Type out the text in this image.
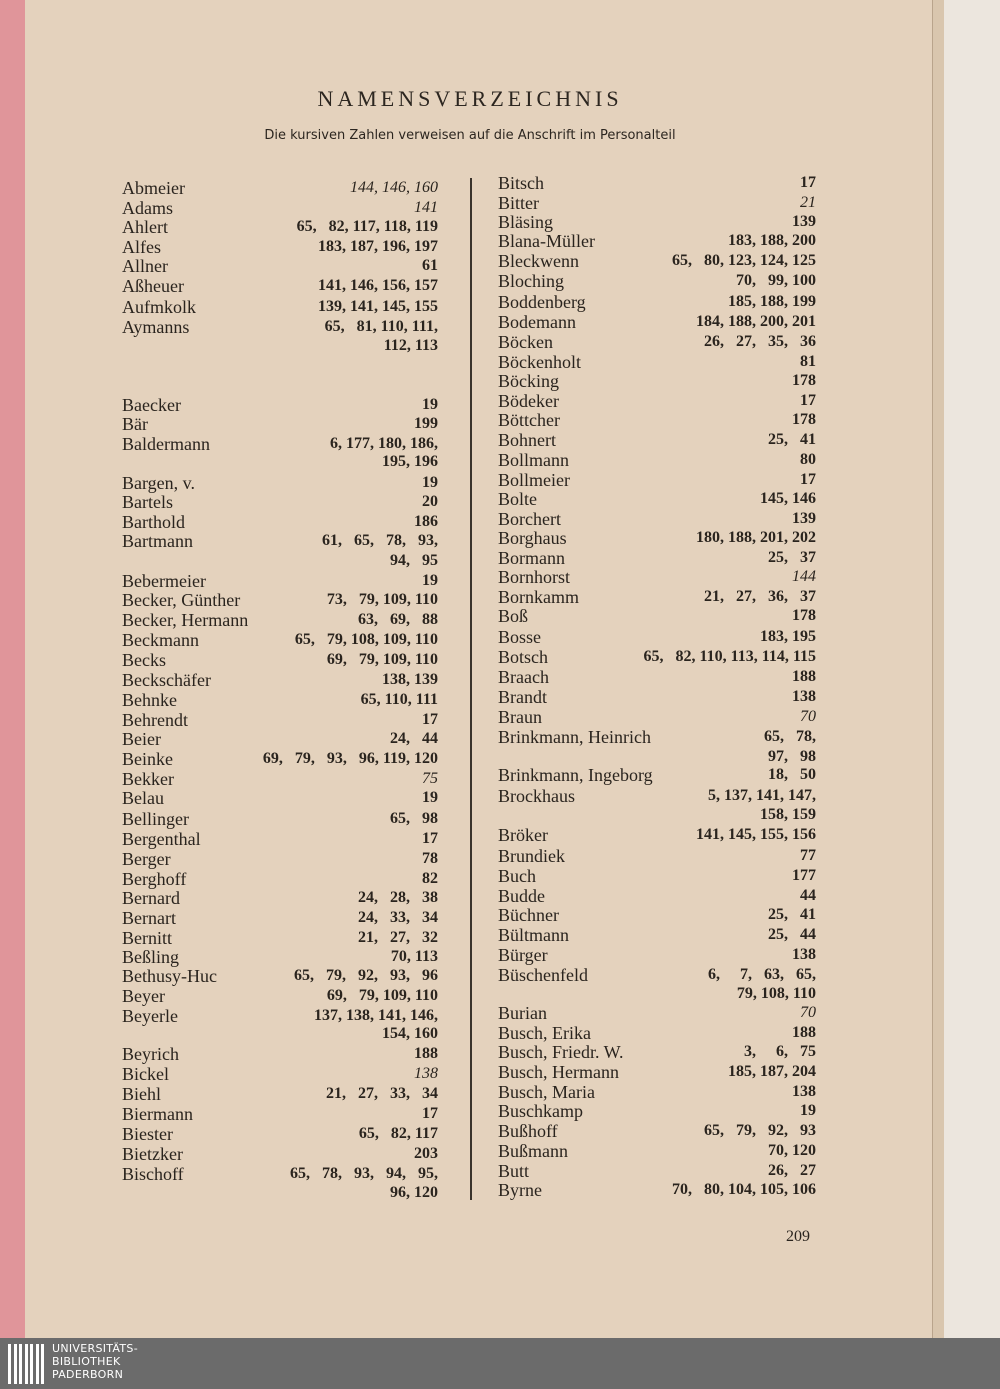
NAMENSVERZEICHNIS
Die kursiven Zahlen verweisen auf die Anschrift im Personalteil
Abmeier	144, 146, 160
Adams	141
Ahlert	65,   82, 117, 118, 119
Alfes	183, 187, 196, 197
Allner	61
Aßheuer	141, 146, 156, 157
Aufmkolk	139, 141, 145, 155
Aymanns	65,   81, 110, 111,
112, 113
Baecker	19
Bär	199
Baldermann	6, 177, 180, 186,
195, 196
Bargen, v.	19
Bartels	20
Barthold	186
Bartmann	61,   65,   78,   93,
94,   95
Bebermeier	19
Becker, Günther	73,   79, 109, 110
Becker, Hermann	63,   69,   88
Beckmann	65,   79, 108, 109, 110
Becks	69,   79, 109, 110
Beckschäfer	138, 139
Behnke	65, 110, 111
Behrendt	17
Beier	24,   44
Beinke	69,   79,   93,   96, 119, 120
Bekker	75
Belau	19
Bellinger	65,   98
Bergenthal	17
Berger	78
Berghoff	82
Bernard	24,   28,   38
Bernart	24,   33,   34
Bernitt	21,   27,   32
Beßling	70, 113
Bethusy-Huc	65,   79,   92,   93,   96
Beyer	69,   79, 109, 110
Beyerle	137, 138, 141, 146,
154, 160
Beyrich	188
Bickel	138
Biehl	21,   27,   33,   34
Biermann	17
Biester	65,   82, 117
Bietzker	203
Bischoff	65,   78,   93,   94,   95,
96, 120
Bitsch	17
Bitter	21
Bläsing	139
Blana-Müller	183, 188, 200
Bleckwenn	65,   80, 123, 124, 125
Bloching	70,   99, 100
Boddenberg	185, 188, 199
Bodemann	184, 188, 200, 201
Böcken	26,   27,   35,   36
Böckenholt	81
Böcking	178
Bödeker	17
Böttcher	178
Bohnert	25,   41
Bollmann	80
Bollmeier	17
Bolte	145, 146
Borchert	139
Borghaus	180, 188, 201, 202
Bormann	25,   37
Bornhorst	144
Bornkamm	21,   27,   36,   37
Boß	178
Bosse	183, 195
Botsch	65,   82, 110, 113, 114, 115
Braach	188
Brandt	138
Braun	70
Brinkmann, Heinrich	65,   78,
97,   98
Brinkmann, Ingeborg	18,   50
Brockhaus	5, 137, 141, 147,
158, 159
Bröker	141, 145, 155, 156
Brundiek	77
Buch	177
Budde	44
Büchner	25,   41
Bültmann	25,   44
Bürger	138
Büschenfeld	6,     7,   63,   65,
79, 108, 110
Burian	70
Busch, Erika	188
Busch, Friedr. W.	3,     6,   75
Busch, Hermann	185, 187, 204
Busch, Maria	138
Buschkamp	19
Bußhoff	65,   79,   92,   93
Bußmann	70, 120
Butt	26,   27
Byrne	70,   80, 104, 105, 106
209
UNIVERSITÄTS-
BIBLIOTHEK
PADERBORN
